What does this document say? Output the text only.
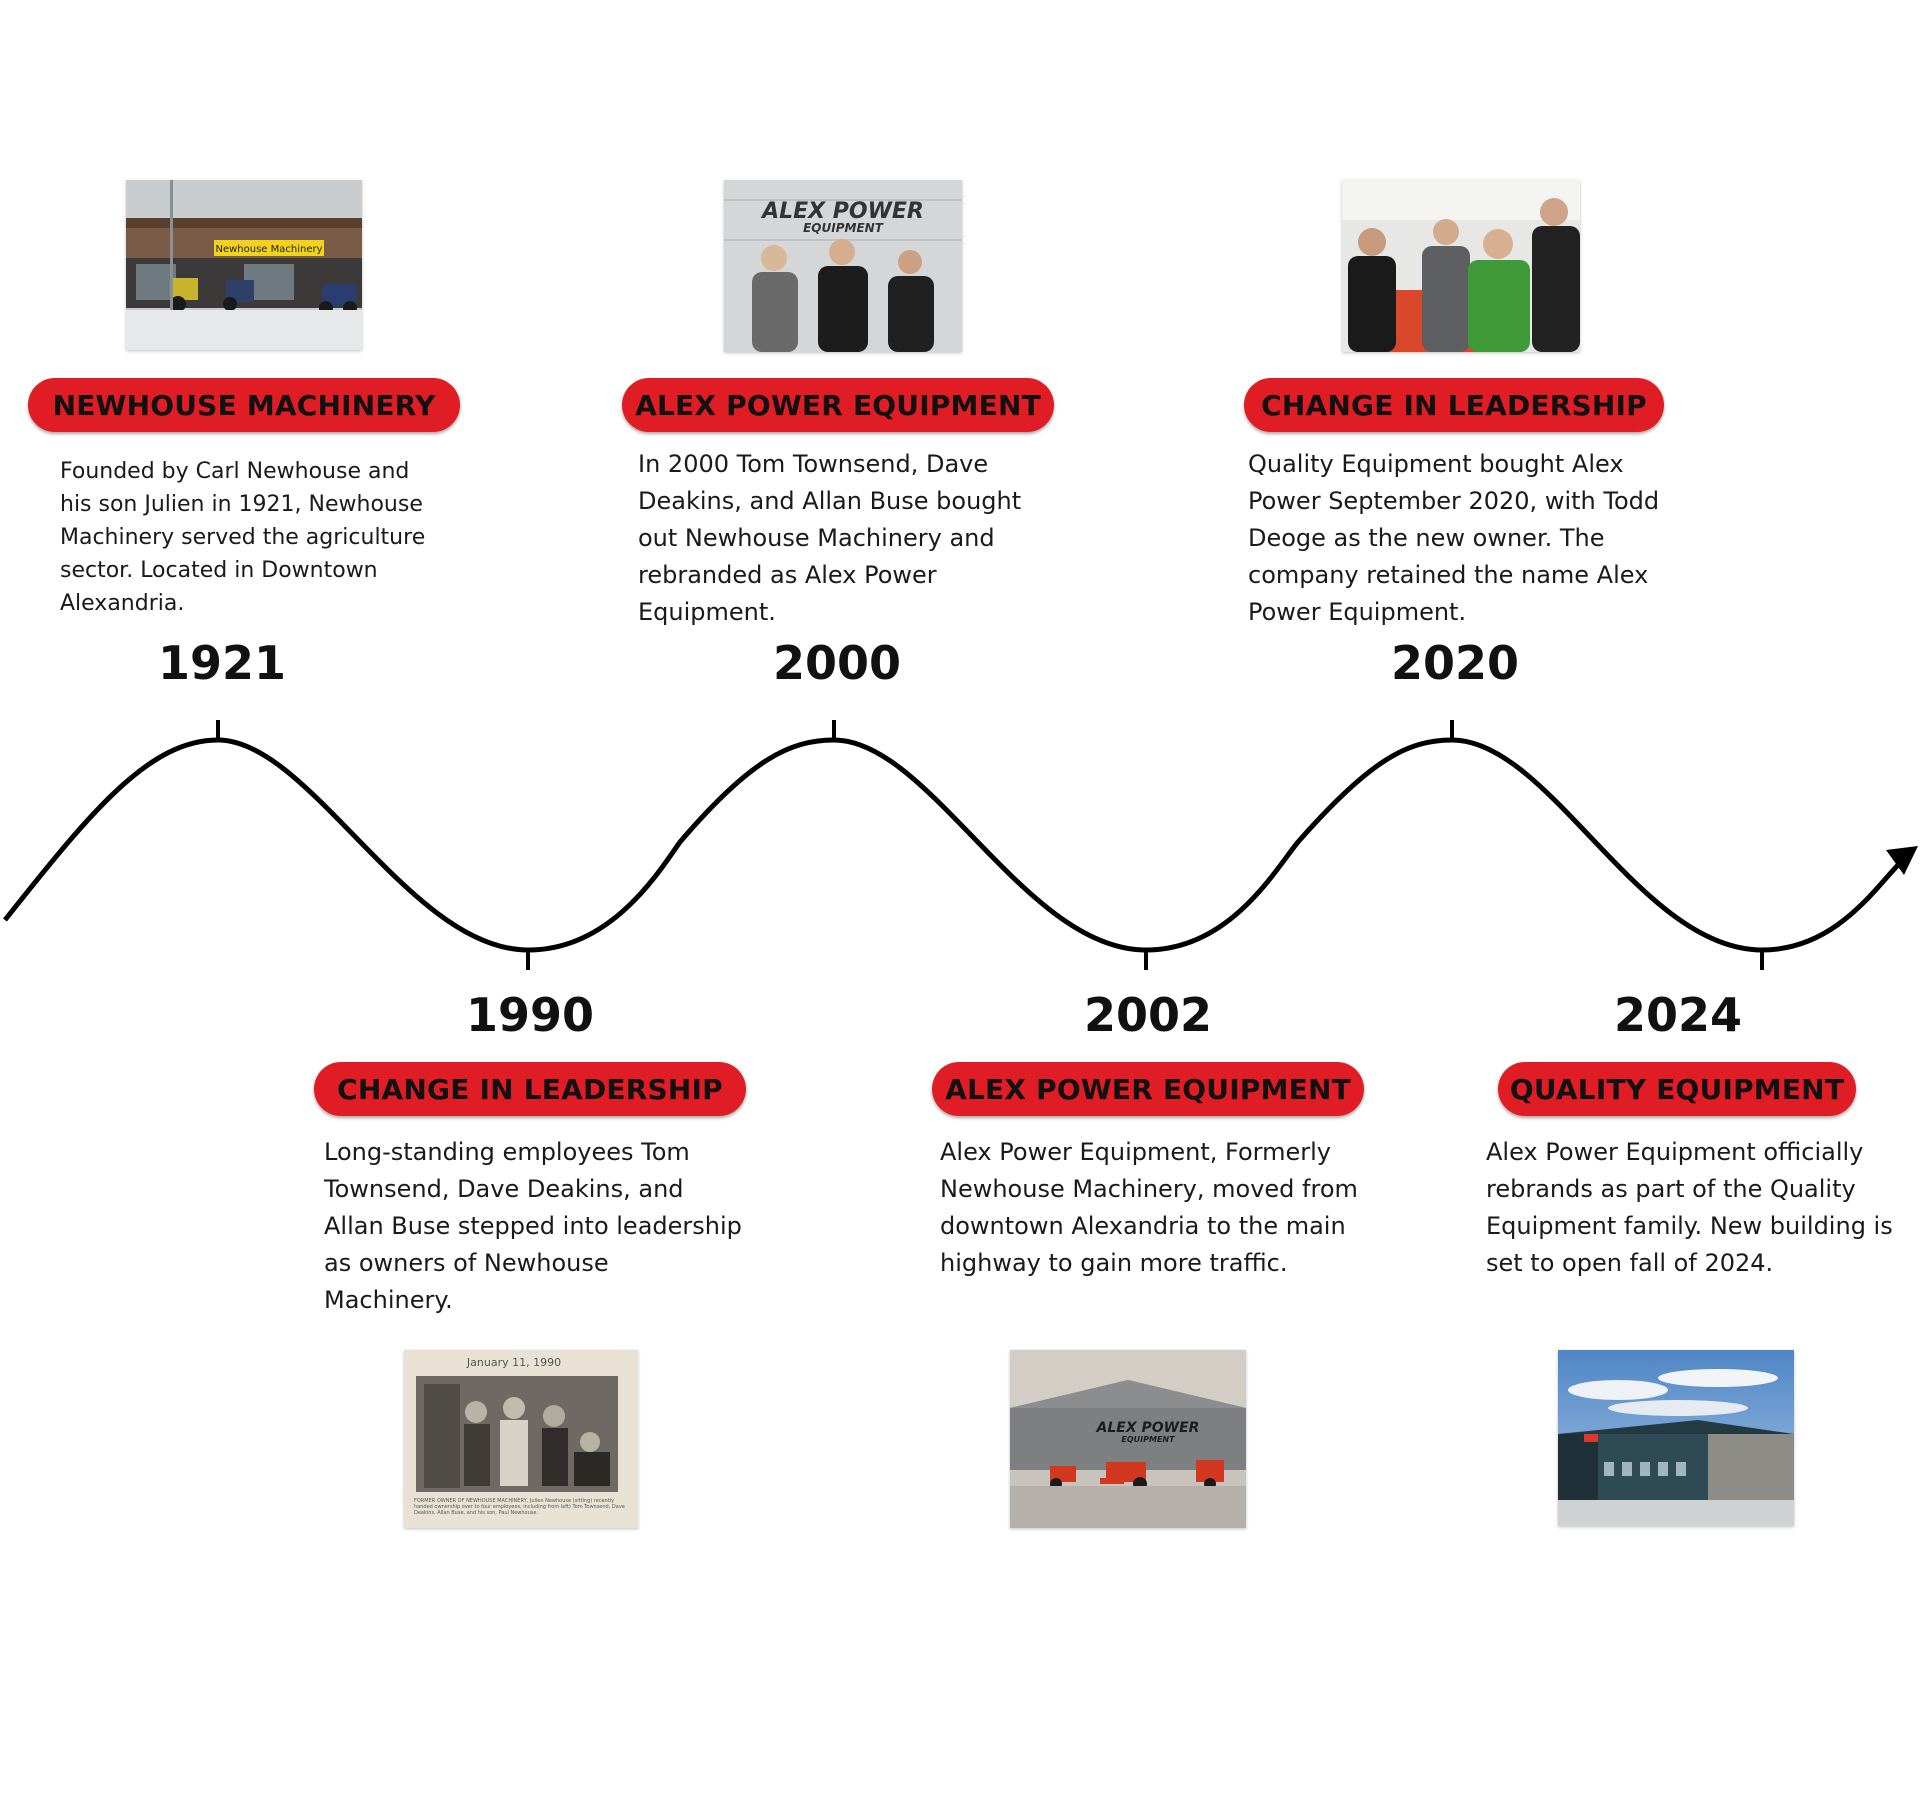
Newhouse Machinery
NEWHOUSE MACHINERY

Founded by Carl Newhouse and his son Julien in 1921, Newhouse Machinery served the agriculture sector. Located in Downtown Alexandria.

1921
ALEX POWER
EQUIPMENT
ALEX POWER EQUIPMENT

In 2000 Tom Townsend, Dave Deakins, and Allan Buse bought out Newhouse Machinery and rebranded as Alex Power Equipment.

2000
CHANGE IN LEADERSHIP

Quality Equipment bought Alex Power September 2020, with Todd Deoge as the new owner. The company retained the name Alex Power Equipment.

2020
1990
CHANGE IN LEADERSHIP

Long-standing employees Tom Townsend, Dave Deakins, and Allan Buse stepped into leadership as owners of Newhouse Machinery.

January 11, 1990
FORMER OWNER OF NEWHOUSE MACHINERY, Julien Newhouse (sitting) recently handed ownership over to four employees, including from left) Tom Townsend, Dave Deakins, Allan Buse, and his son, Paul Newhouse.
2002
ALEX POWER EQUIPMENT

Alex Power Equipment, Formerly Newhouse Machinery, moved from downtown Alexandria to the main highway to gain more traffic.

ALEX POWER
EQUIPMENT
2024
QUALITY EQUIPMENT

Alex Power Equipment officially rebrands as part of the Quality Equipment family. New building is set to open fall of 2024.
